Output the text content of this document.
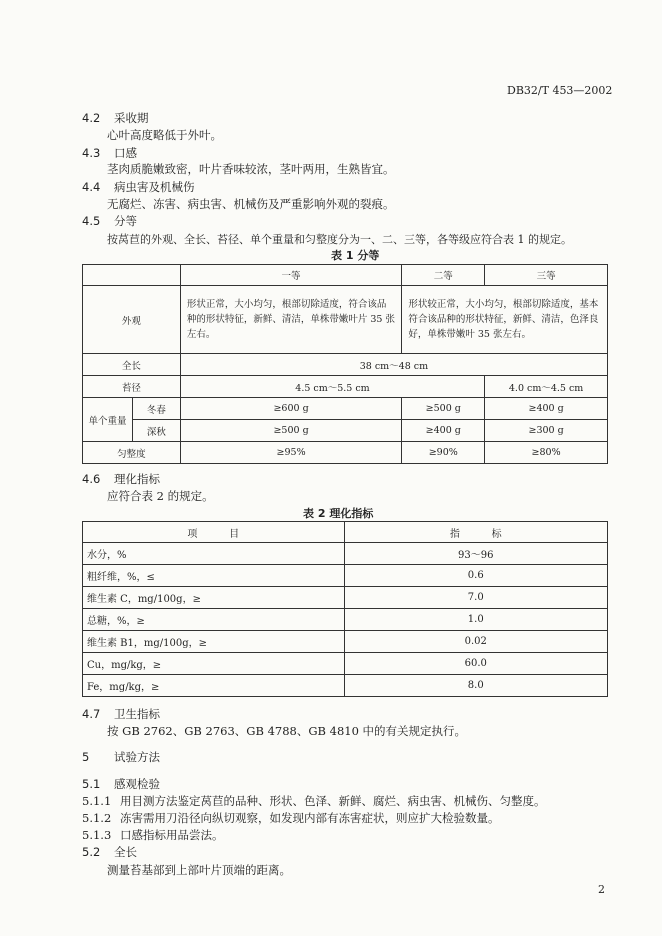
DB32/T 453—2002
4.2 采收期
心叶高度略低于外叶。
4.3 口感
茎肉质脆嫩致密，叶片香味较浓，茎叶两用，生熟皆宜。
4.4 病虫害及机械伤
无腐烂、冻害、病虫害、机械伤及严重影响外观的裂痕。
4.5 分等
按莴苣的外观、全长、苔径、单个重量和匀整度分为一、二、三等，各等级应符合表 1 的规定。
表 1 分等
		一等	二等	三等
外观		形状正常，大小均匀，根部切除适度，符合该品种的形状特征，新鲜、清洁，单株带嫩叶片 35 张左右。	形状较正常，大小均匀，根部切除适度，基本符合该品种的形状特征，新鲜、清洁，色泽良好，单株带嫩叶 35 张左右。	
全长		38 cm～48 cm		
苔径		4.5 cm～5.5 cm		4.0 cm～4.5 cm
单个重量	冬春	≥600 g	≥500 g	≥400 g
	深秋	≥500 g	≥400 g	≥300 g
匀整度		≥95%	≥90%	≥80%
4.6 理化指标
应符合表 2 的规定。
表 2 理化指标
项          目	指          标
水分，%	93～96
粗纤维，%，≤	0.6
维生素 C，mg/100g，≥	7.0
总糖，%，≥	1.0
维生素 B1，mg/100g，≥	0.02
Cu，mg/kg，≥	60.0
Fe，mg/kg，≥	8.0
4.7 卫生指标
按 GB 2762、GB 2763、GB 4788、GB 4810 中的有关规定执行。
5 试验方法
5.1 感观检验
5.1.1 用目测方法鉴定莴苣的品种、形状、色泽、新鲜、腐烂、病虫害、机械伤、匀整度。
5.1.2 冻害需用刀沿径向纵切观察，如发现内部有冻害症状，则应扩大检验数量。
5.1.3 口感指标用品尝法。
5.2 全长
测量苔基部到上部叶片顶端的距离。
2
